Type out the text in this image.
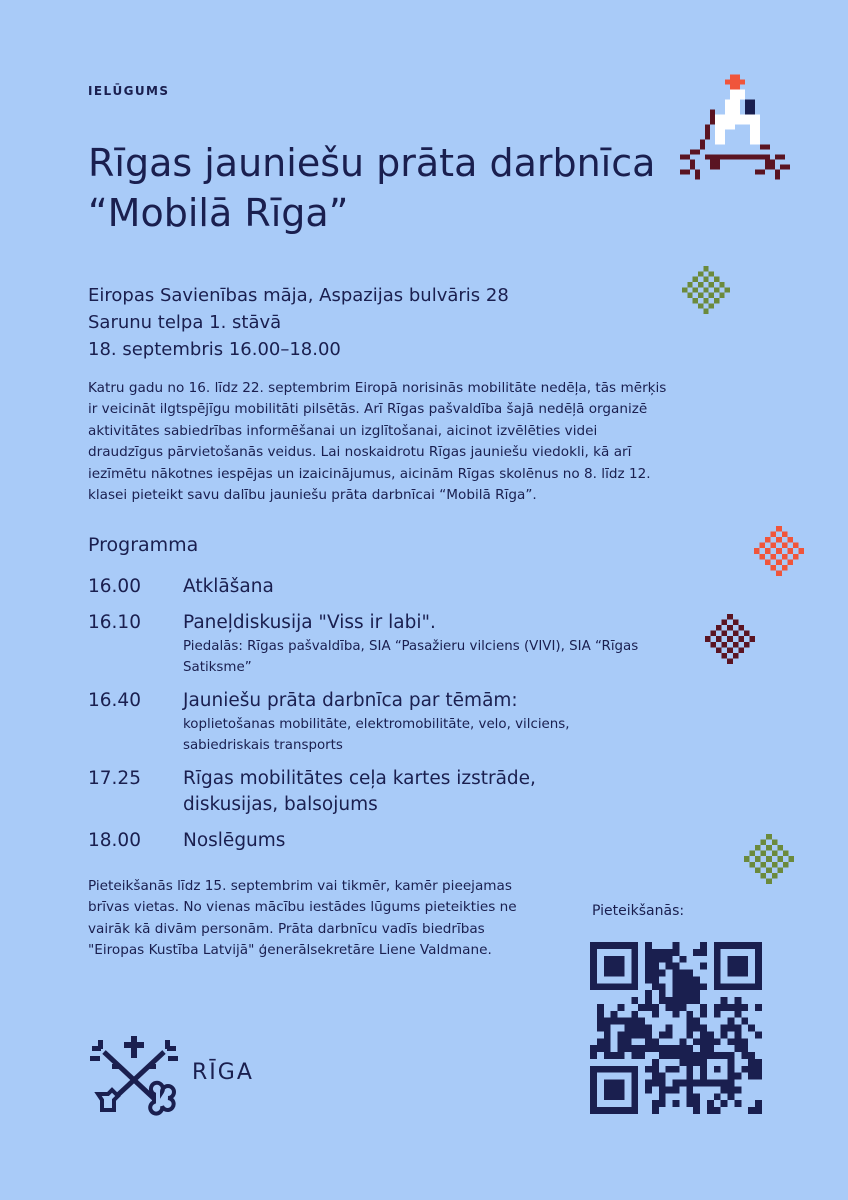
IELŪGUMS
Rīgas jauniešu prāta darbnīca “Mobilā Rīga”
Eiropas Savienības māja, Aspazijas bulvāris 28
Sarunu telpa 1. stāvā
18. septembris 16.00–18.00
Katru gadu no 16. līdz 22. septembrim Eiropā norisinās mobilitāte nedēļa, tās mērķis ir veicināt ilgtspējīgu mobilitāti pilsētās. Arī Rīgas pašvaldība šajā nedēļā organizē aktivitātes sabiedrības informēšanai un izglītošanai, aicinot izvēlēties videi draudzīgus pārvietošanās veidus. Lai noskaidrotu Rīgas jauniešu viedokli, kā arī iezīmētu nākotnes iespējas un izaicinājumus, aicinām Rīgas skolēnus no 8. līdz 12. klasei pieteikt savu dalību jauniešu prāta darbnīcai “Mobilā Rīga”.
Programma
16.00	Atklāšana
16.10	Paneļdiskusija "Viss ir labi".
Piedalās: Rīgas pašvaldība, SIA “Pasažieru vilciens (VIVI), SIA “Rīgas Satiksme”
16.40	Jauniešu prāta darbnīca par tēmām:
koplietošanas mobilitāte, elektromobilitāte, velo, vilciens, sabiedriskais transports
17.25	Rīgas mobilitātes ceļa kartes izstrāde, diskusijas, balsojums
18.00	Noslēgums
Pieteikšanās līdz 15. septembrim vai tikmēr, kamēr pieejamas brīvas vietas. No vienas mācību iestādes lūgums pieteikties ne vairāk kā divām personām. Prāta darbnīcu vadīs biedrības "Eiropas Kustība Latvijā" ģenerālsekretāre Liene Valdmane.
Pieteikšanās:
RĪGA
